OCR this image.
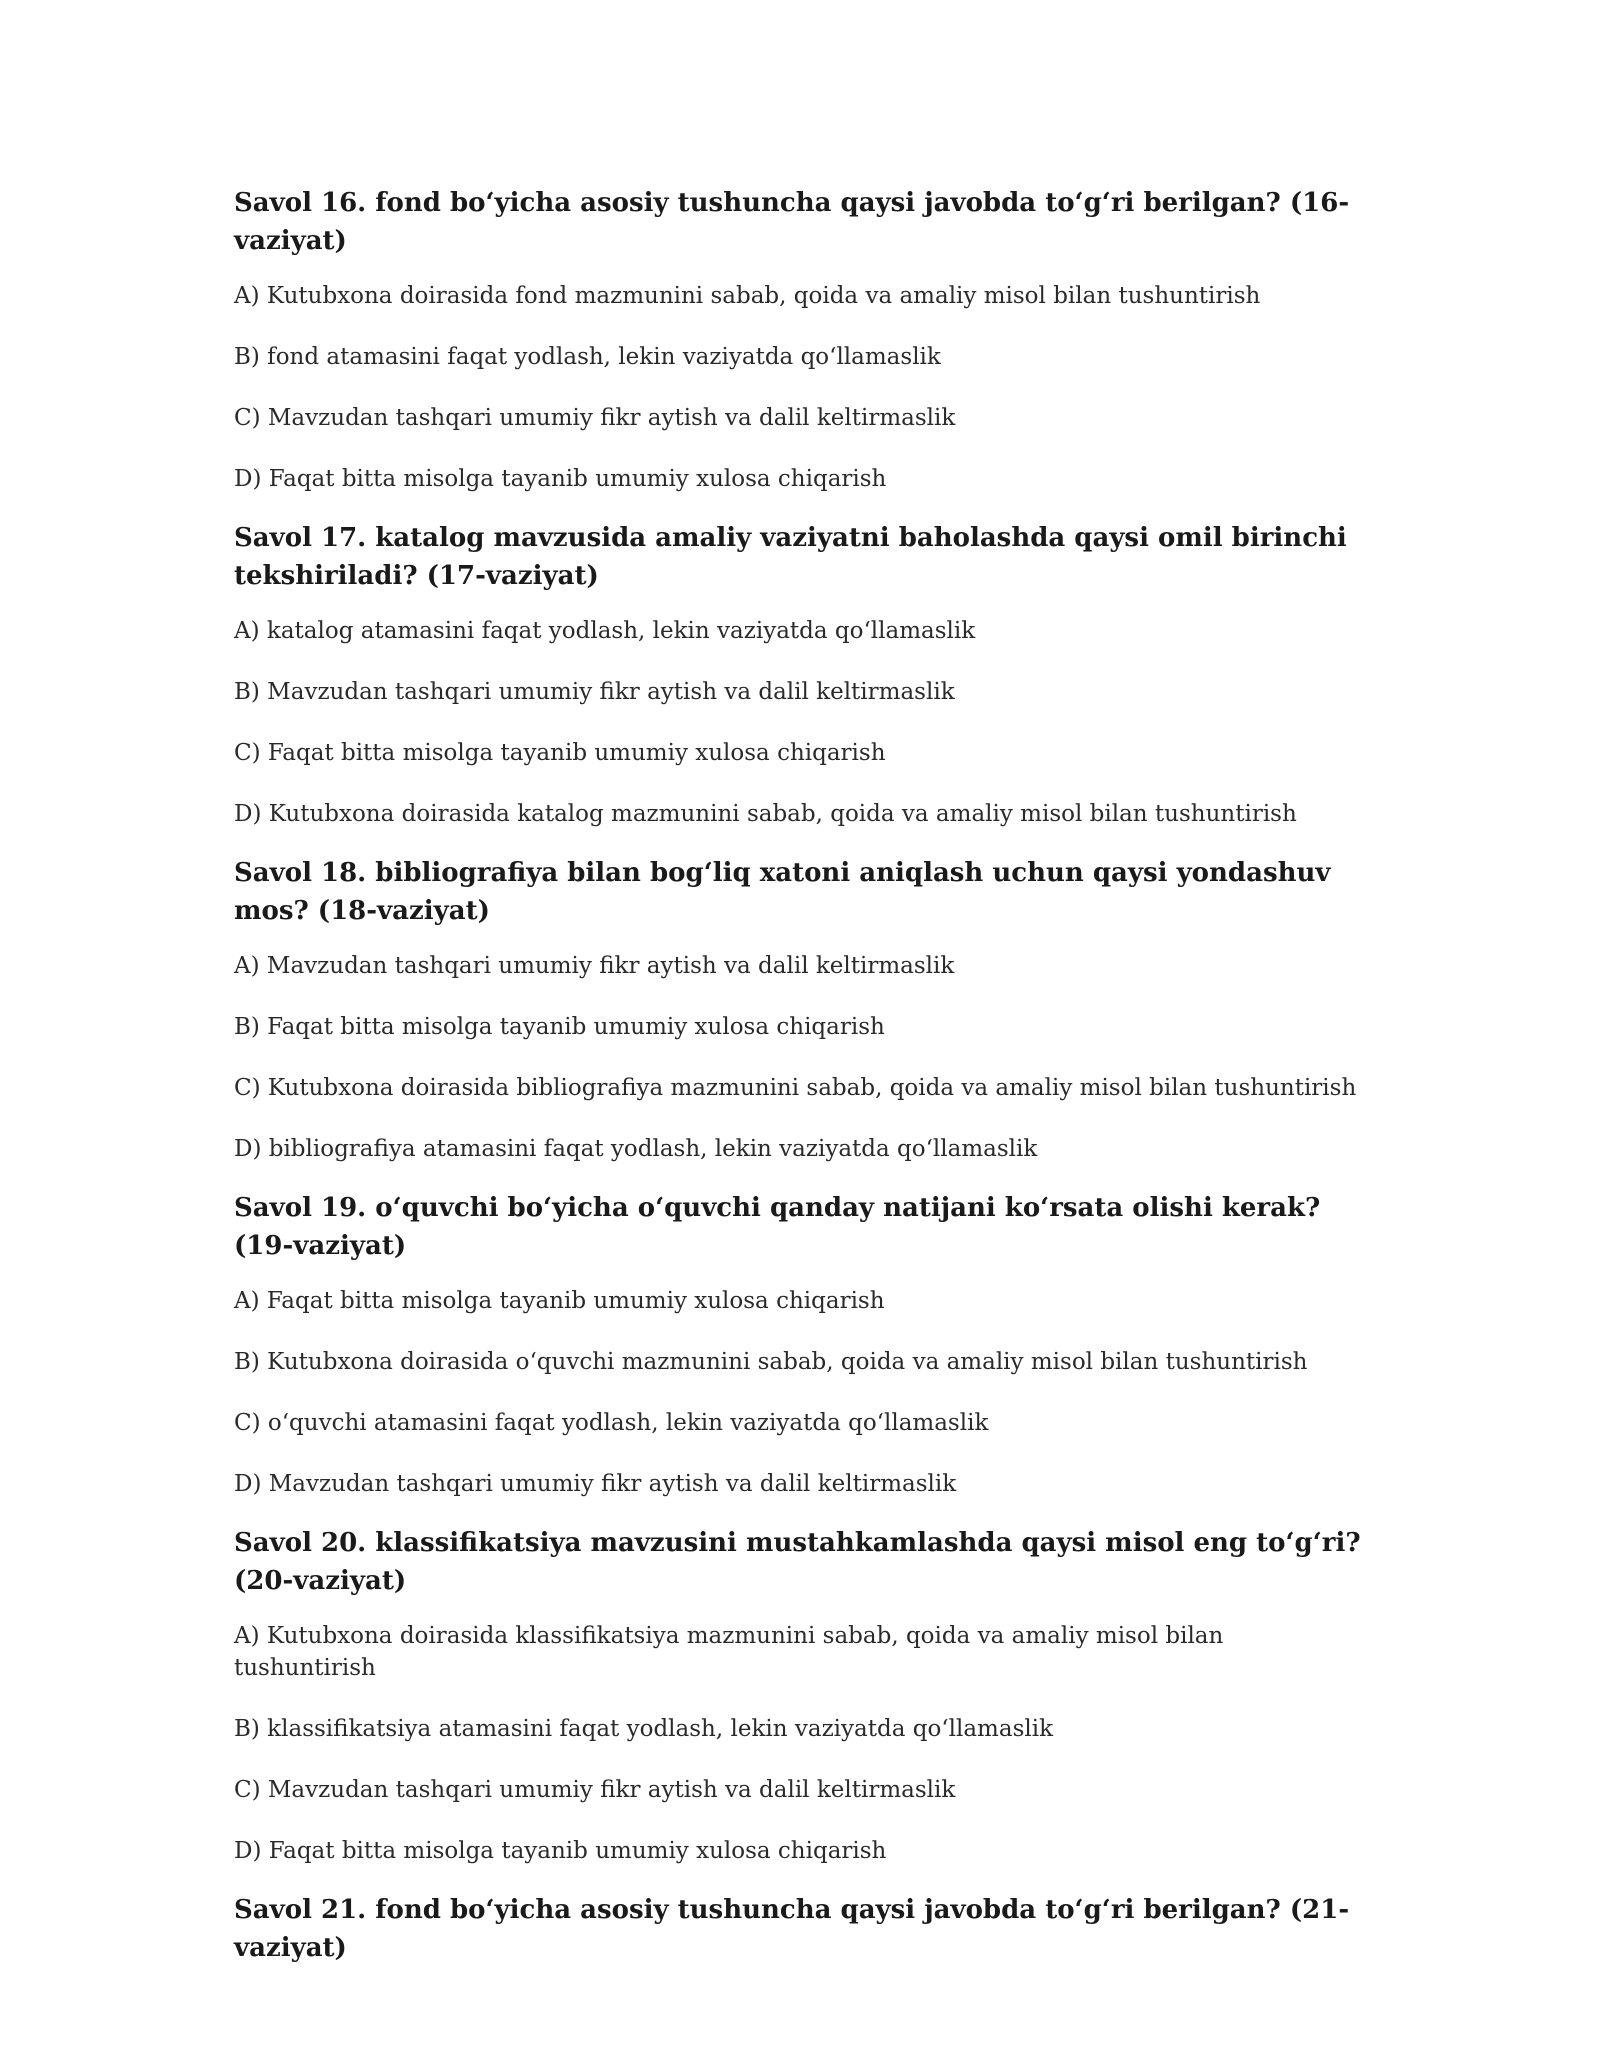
Savol 16. fond bo‘yicha asosiy tushuncha qaysi javobda to‘g‘ri berilgan? (16-vaziyat)

A) Kutubxona doirasida fond mazmunini sabab, qoida va amaliy misol bilan tushuntirish

B) fond atamasini faqat yodlash, lekin vaziyatda qo‘llamaslik

C) Mavzudan tashqari umumiy fikr aytish va dalil keltirmaslik

D) Faqat bitta misolga tayanib umumiy xulosa chiqarish

Savol 17. katalog mavzusida amaliy vaziyatni baholashda qaysi omil birinchi tekshiriladi? (17-vaziyat)

A) katalog atamasini faqat yodlash, lekin vaziyatda qo‘llamaslik

B) Mavzudan tashqari umumiy fikr aytish va dalil keltirmaslik

C) Faqat bitta misolga tayanib umumiy xulosa chiqarish

D) Kutubxona doirasida katalog mazmunini sabab, qoida va amaliy misol bilan tushuntirish

Savol 18. bibliografiya bilan bog‘liq xatoni aniqlash uchun qaysi yondashuv mos? (18-vaziyat)

A) Mavzudan tashqari umumiy fikr aytish va dalil keltirmaslik

B) Faqat bitta misolga tayanib umumiy xulosa chiqarish

C) Kutubxona doirasida bibliografiya mazmunini sabab, qoida va amaliy misol bilan tushuntirish

D) bibliografiya atamasini faqat yodlash, lekin vaziyatda qo‘llamaslik

Savol 19. o‘quvchi bo‘yicha o‘quvchi qanday natijani ko‘rsata olishi kerak? (19-vaziyat)

A) Faqat bitta misolga tayanib umumiy xulosa chiqarish

B) Kutubxona doirasida o‘quvchi mazmunini sabab, qoida va amaliy misol bilan tushuntirish

C) o‘quvchi atamasini faqat yodlash, lekin vaziyatda qo‘llamaslik

D) Mavzudan tashqari umumiy fikr aytish va dalil keltirmaslik

Savol 20. klassifikatsiya mavzusini mustahkamlashda qaysi misol eng to‘g‘ri? (20-vaziyat)

A) Kutubxona doirasida klassifikatsiya mazmunini sabab, qoida va amaliy misol bilan tushuntirish

B) klassifikatsiya atamasini faqat yodlash, lekin vaziyatda qo‘llamaslik

C) Mavzudan tashqari umumiy fikr aytish va dalil keltirmaslik

D) Faqat bitta misolga tayanib umumiy xulosa chiqarish

Savol 21. fond bo‘yicha asosiy tushuncha qaysi javobda to‘g‘ri berilgan? (21-vaziyat)
